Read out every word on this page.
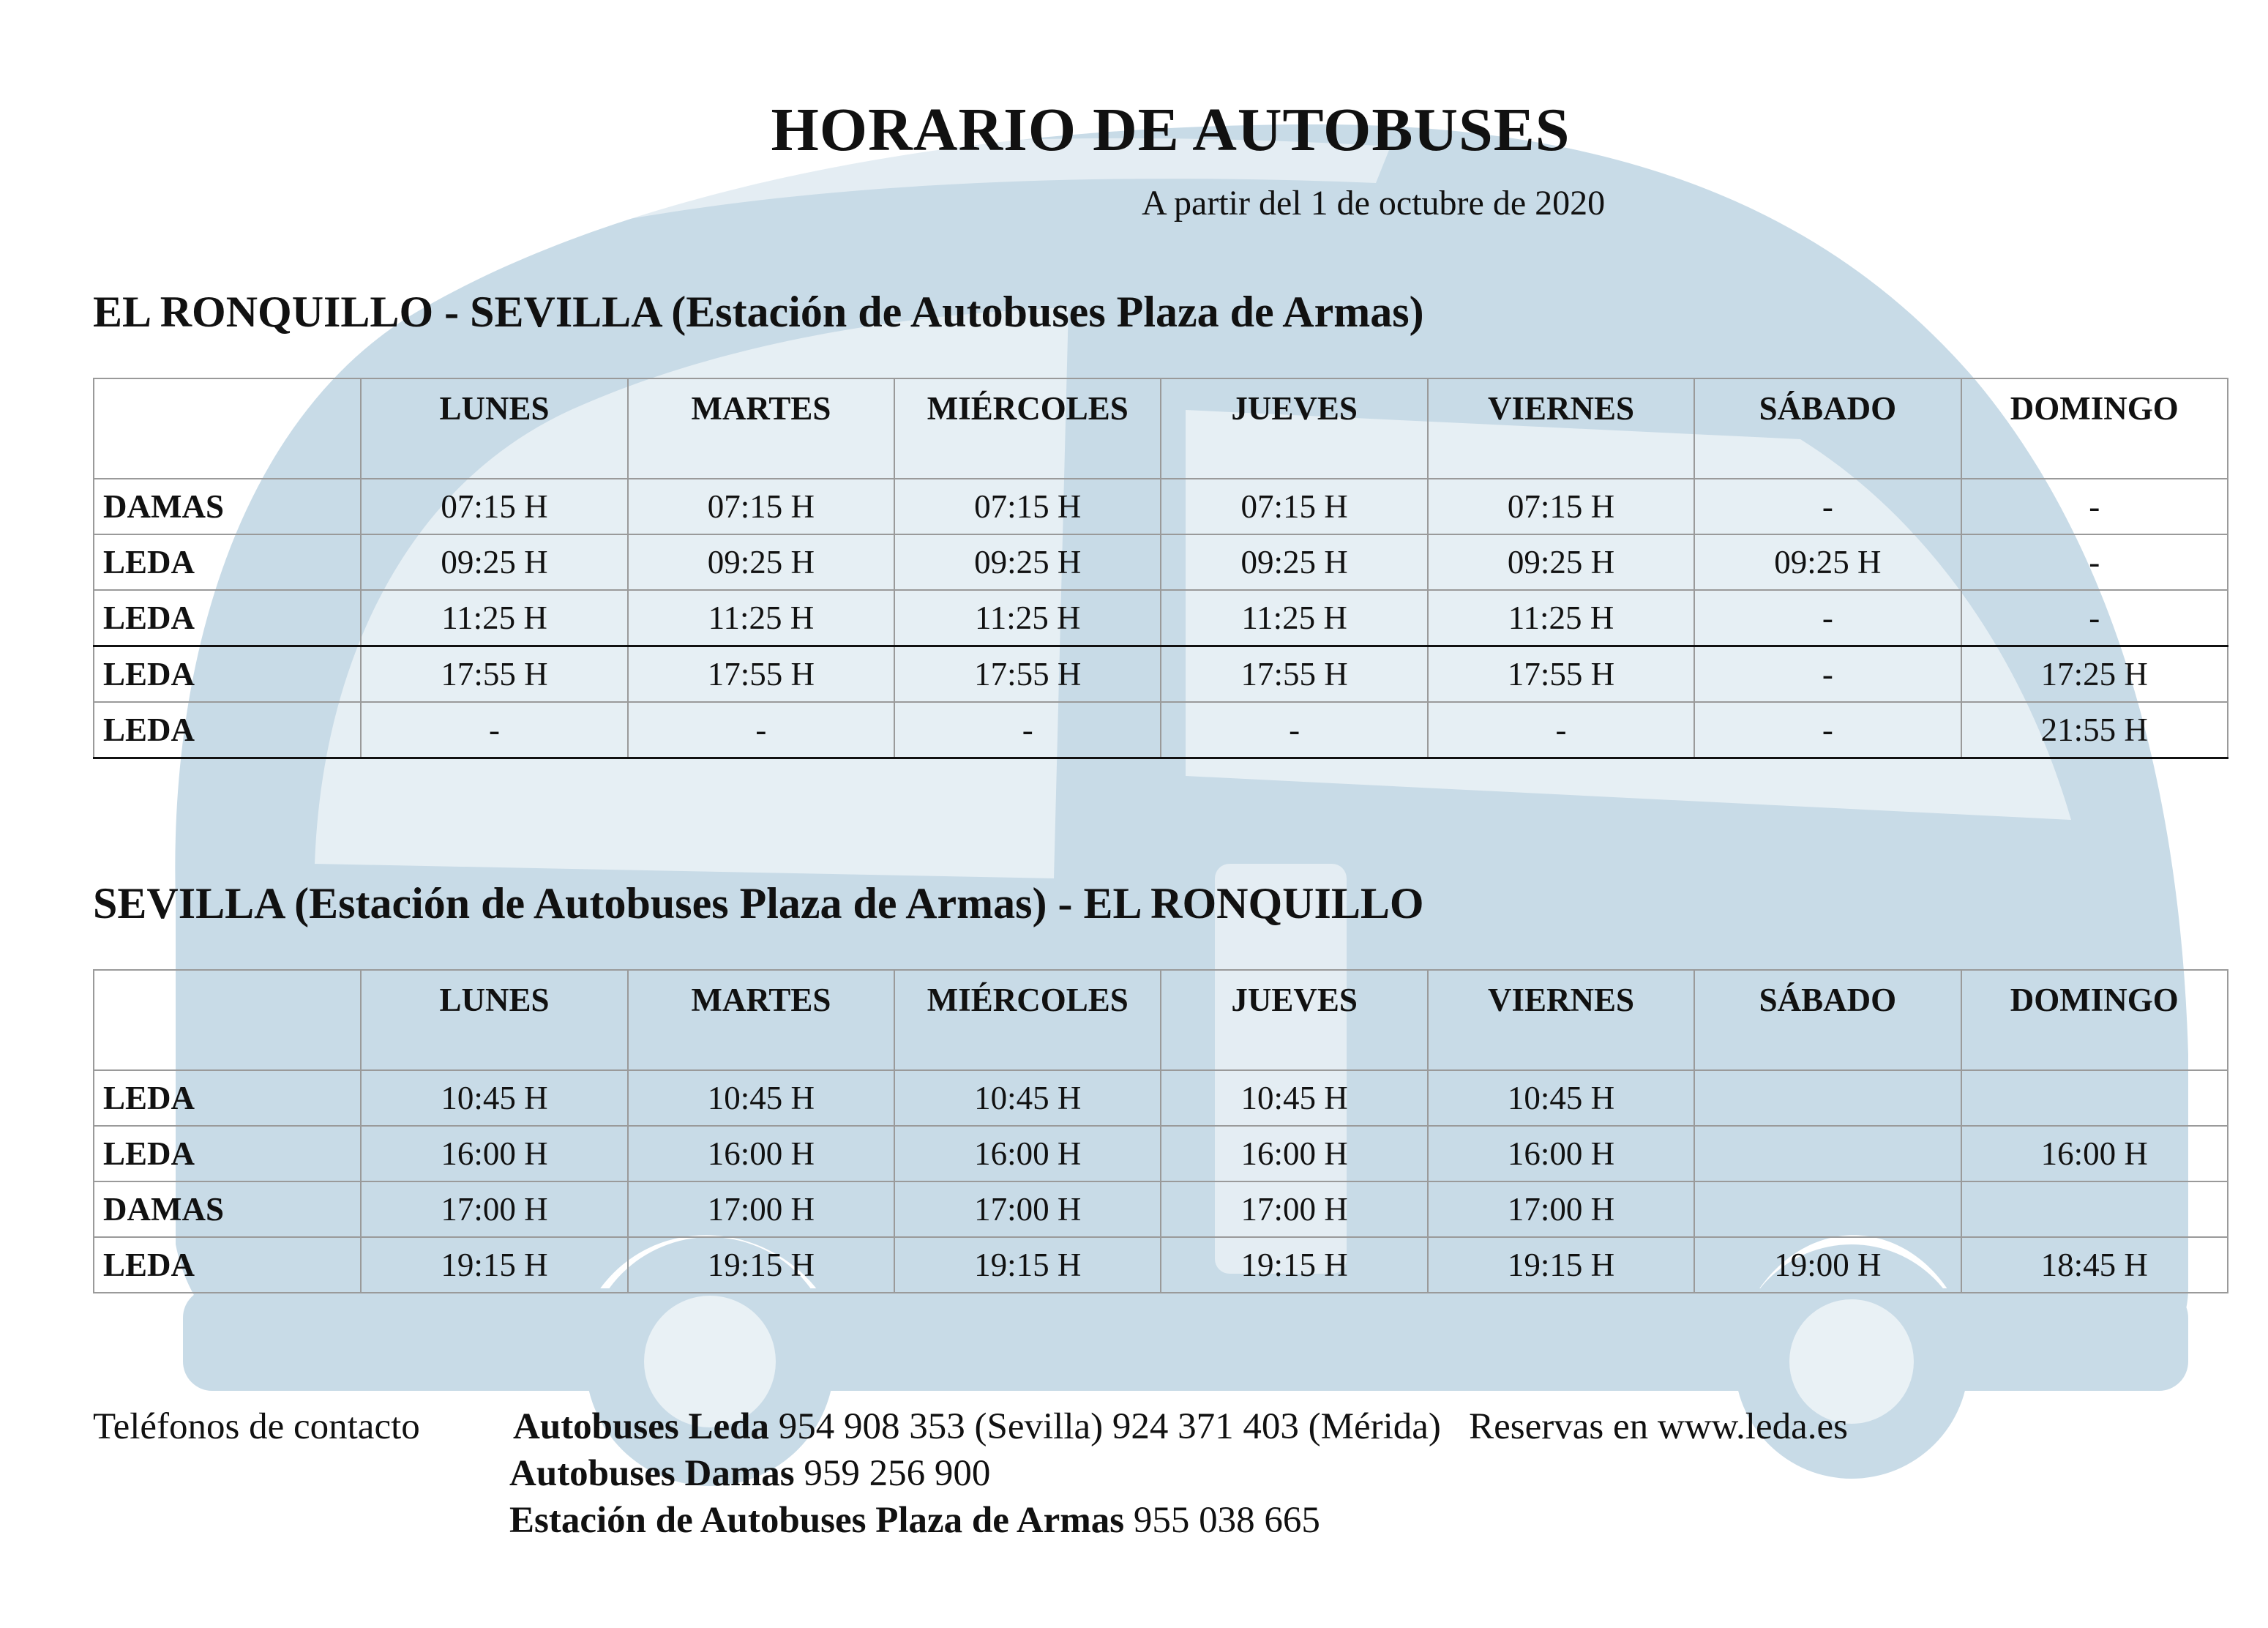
HORARIO DE AUTOBUSES
A partir del 1 de octubre de 2020
EL RONQUILLO - SEVILLA (Estación de Autobuses Plaza de Armas)
	LUNES	MARTES	MIÉRCOLES	JUEVES	VIERNES	SÁBADO	DOMINGO
DAMAS	07:15 H	07:15 H	07:15 H	07:15 H	07:15 H	-	-
LEDA	09:25 H	09:25 H	09:25 H	09:25 H	09:25 H	09:25 H	-
LEDA	11:25 H	11:25 H	11:25 H	11:25 H	11:25 H	-	-
LEDA	17:55 H	17:55 H	17:55 H	17:55 H	17:55 H	-	17:25 H
LEDA	-	-	-	-	-	-	21:55 H
SEVILLA (Estación de Autobuses Plaza de Armas) - EL RONQUILLO
	LUNES	MARTES	MIÉRCOLES	JUEVES	VIERNES	SÁBADO	DOMINGO
LEDA	10:45 H	10:45 H	10:45 H	10:45 H	10:45 H		
LEDA	16:00 H	16:00 H	16:00 H	16:00 H	16:00 H		16:00 H
DAMAS	17:00 H	17:00 H	17:00 H	17:00 H	17:00 H		
LEDA	19:15 H	19:15 H	19:15 H	19:15 H	19:15 H	19:00 H	18:45 H
Teléfonos de contacto Autobuses Leda 954 908 353 (Sevilla) 924 371 403 (Mérida) Reservas en www.leda.es
Autobuses Damas 959 256 900
Estación de Autobuses Plaza de Armas 955 038 665
